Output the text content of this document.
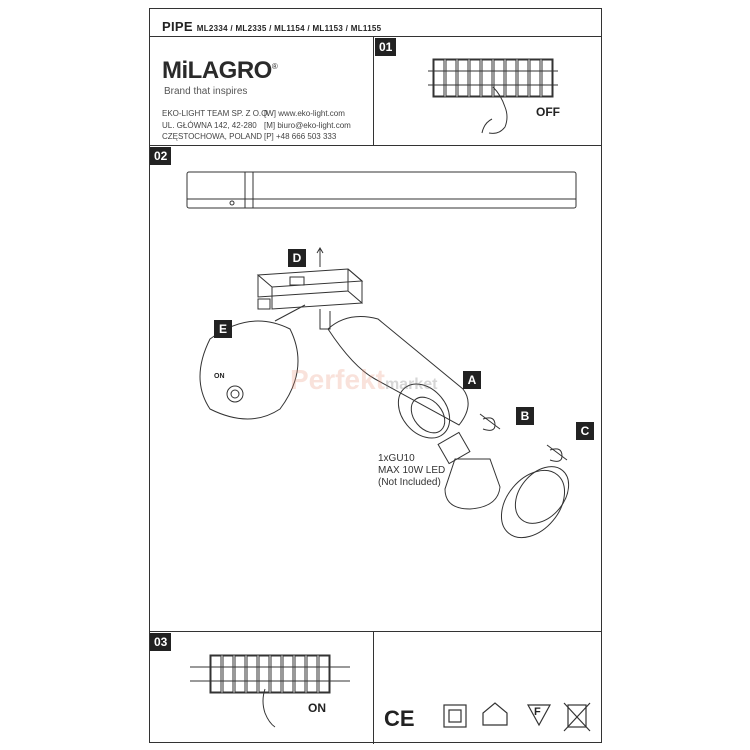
PIPE ML2334 / ML2335 / ML1154 / ML1153 / ML1155
MiLAGRO®
Brand that inspires
EKO-LIGHT TEAM SP. Z O.O.
UL. GŁÓWNA 142, 42-280
CZĘSTOCHOWA, POLAND
[W] www.eko-light.com
[M] biuro@eko-light.com
[P] +48 666 503 333
01
02
03
OFF
ON
A
B
C
D
E
ON
1xGU10
MAX 10W LED
(Not Included)
Perfektmarket
CE	F
